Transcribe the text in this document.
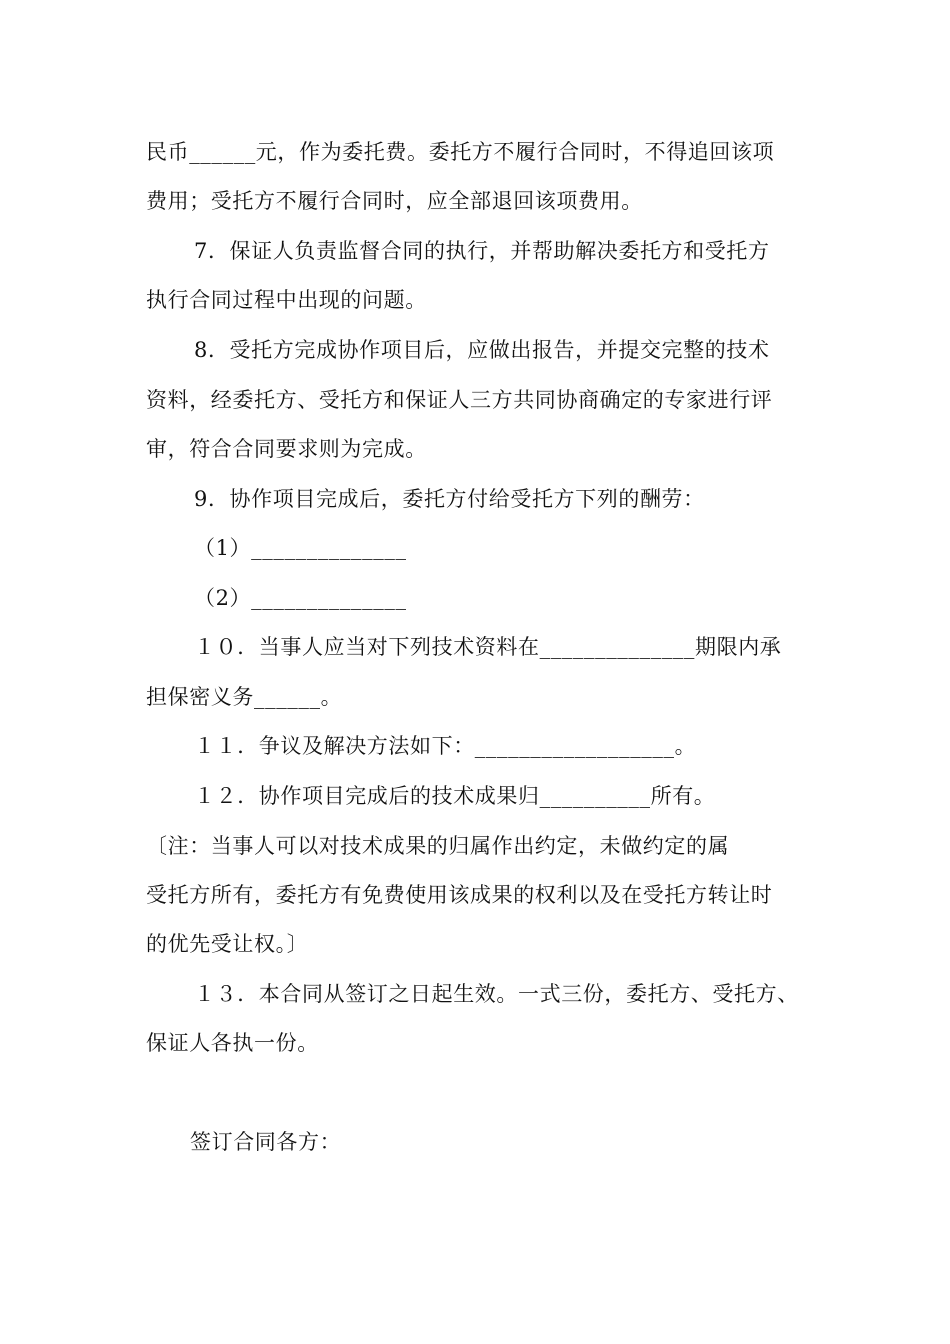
民币______元，作为委托费。委托方不履行合同时，不得追回该项
费用；受托方不履行合同时，应全部退回该项费用。
7．保证人负责监督合同的执行，并帮助解决委托方和受托方
执行合同过程中出现的问题。
8．受托方完成协作项目后，应做出报告，并提交完整的技术
资料，经委托方、受托方和保证人三方共同协商确定的专家进行评
审，符合合同要求则为完成。
9．协作项目完成后，委托方付给受托方下列的酬劳：
（1）______________
（2）______________
１０．当事人应当对下列技术资料在______________期限内承
担保密义务______。
１１．争议及解决方法如下：__________________。
１２．协作项目完成后的技术成果归__________所有。
〔注：当事人可以对技术成果的归属作出约定，未做约定的属
受托方所有，委托方有免费使用该成果的权利以及在受托方转让时
的优先受让权。〕
１３．本合同从签订之日起生效。一式三份，委托方、受托方、
保证人各执一份。
签订合同各方：
